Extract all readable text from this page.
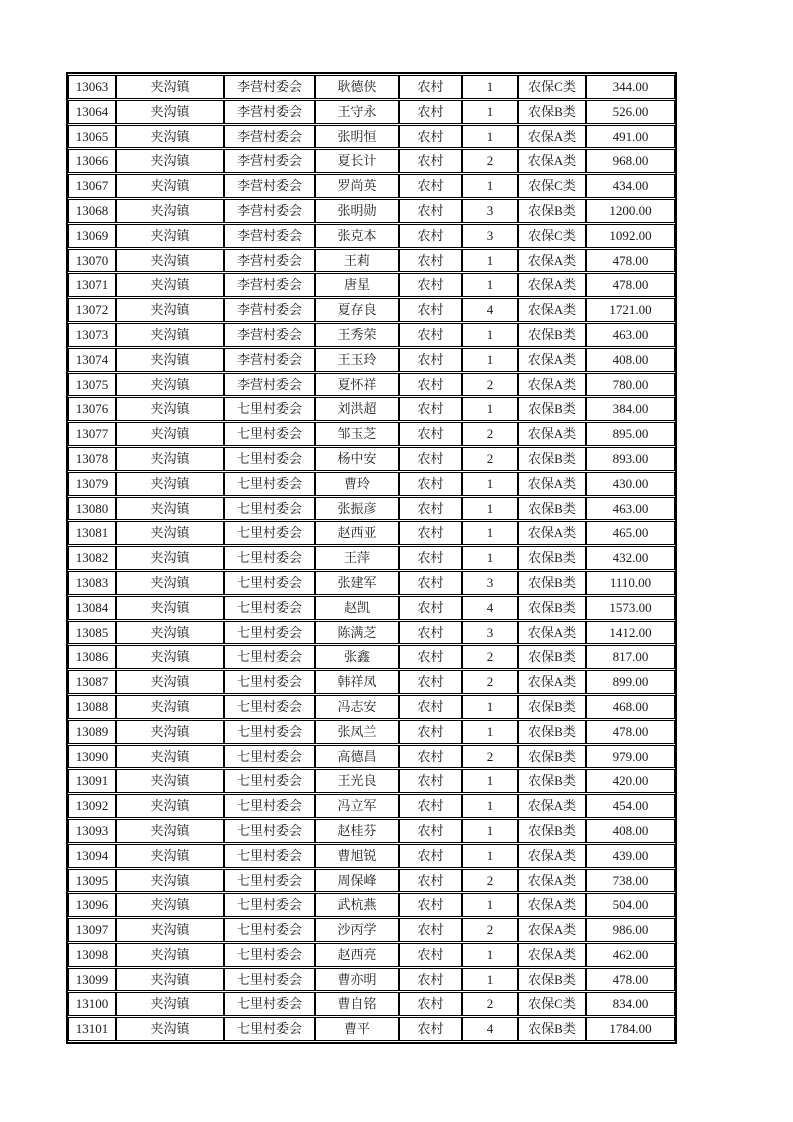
13063	夹沟镇	李营村委会	耿德侠	农村	1	农保C类	344.00
13064	夹沟镇	李营村委会	王守永	农村	1	农保B类	526.00
13065	夹沟镇	李营村委会	张明恒	农村	1	农保A类	491.00
13066	夹沟镇	李营村委会	夏长计	农村	2	农保A类	968.00
13067	夹沟镇	李营村委会	罗尚英	农村	1	农保C类	434.00
13068	夹沟镇	李营村委会	张明勋	农村	3	农保B类	1200.00
13069	夹沟镇	李营村委会	张克本	农村	3	农保C类	1092.00
13070	夹沟镇	李营村委会	王莉	农村	1	农保A类	478.00
13071	夹沟镇	李营村委会	唐星	农村	1	农保A类	478.00
13072	夹沟镇	李营村委会	夏存良	农村	4	农保A类	1721.00
13073	夹沟镇	李营村委会	王秀荣	农村	1	农保B类	463.00
13074	夹沟镇	李营村委会	王玉玲	农村	1	农保A类	408.00
13075	夹沟镇	李营村委会	夏怀祥	农村	2	农保A类	780.00
13076	夹沟镇	七里村委会	刘洪超	农村	1	农保B类	384.00
13077	夹沟镇	七里村委会	邹玉芝	农村	2	农保A类	895.00
13078	夹沟镇	七里村委会	杨中安	农村	2	农保B类	893.00
13079	夹沟镇	七里村委会	曹玲	农村	1	农保A类	430.00
13080	夹沟镇	七里村委会	张振彦	农村	1	农保B类	463.00
13081	夹沟镇	七里村委会	赵西亚	农村	1	农保A类	465.00
13082	夹沟镇	七里村委会	王萍	农村	1	农保B类	432.00
13083	夹沟镇	七里村委会	张建军	农村	3	农保B类	1110.00
13084	夹沟镇	七里村委会	赵凯	农村	4	农保B类	1573.00
13085	夹沟镇	七里村委会	陈满芝	农村	3	农保A类	1412.00
13086	夹沟镇	七里村委会	张鑫	农村	2	农保B类	817.00
13087	夹沟镇	七里村委会	韩祥凤	农村	2	农保A类	899.00
13088	夹沟镇	七里村委会	冯志安	农村	1	农保B类	468.00
13089	夹沟镇	七里村委会	张凤兰	农村	1	农保B类	478.00
13090	夹沟镇	七里村委会	高德昌	农村	2	农保B类	979.00
13091	夹沟镇	七里村委会	王光良	农村	1	农保B类	420.00
13092	夹沟镇	七里村委会	冯立军	农村	1	农保A类	454.00
13093	夹沟镇	七里村委会	赵桂芬	农村	1	农保B类	408.00
13094	夹沟镇	七里村委会	曹旭锐	农村	1	农保A类	439.00
13095	夹沟镇	七里村委会	周保峰	农村	2	农保A类	738.00
13096	夹沟镇	七里村委会	武杭燕	农村	1	农保A类	504.00
13097	夹沟镇	七里村委会	沙丙学	农村	2	农保A类	986.00
13098	夹沟镇	七里村委会	赵西亮	农村	1	农保A类	462.00
13099	夹沟镇	七里村委会	曹亦明	农村	1	农保B类	478.00
13100	夹沟镇	七里村委会	曹自铭	农村	2	农保C类	834.00
13101	夹沟镇	七里村委会	曹平	农村	4	农保B类	1784.00
